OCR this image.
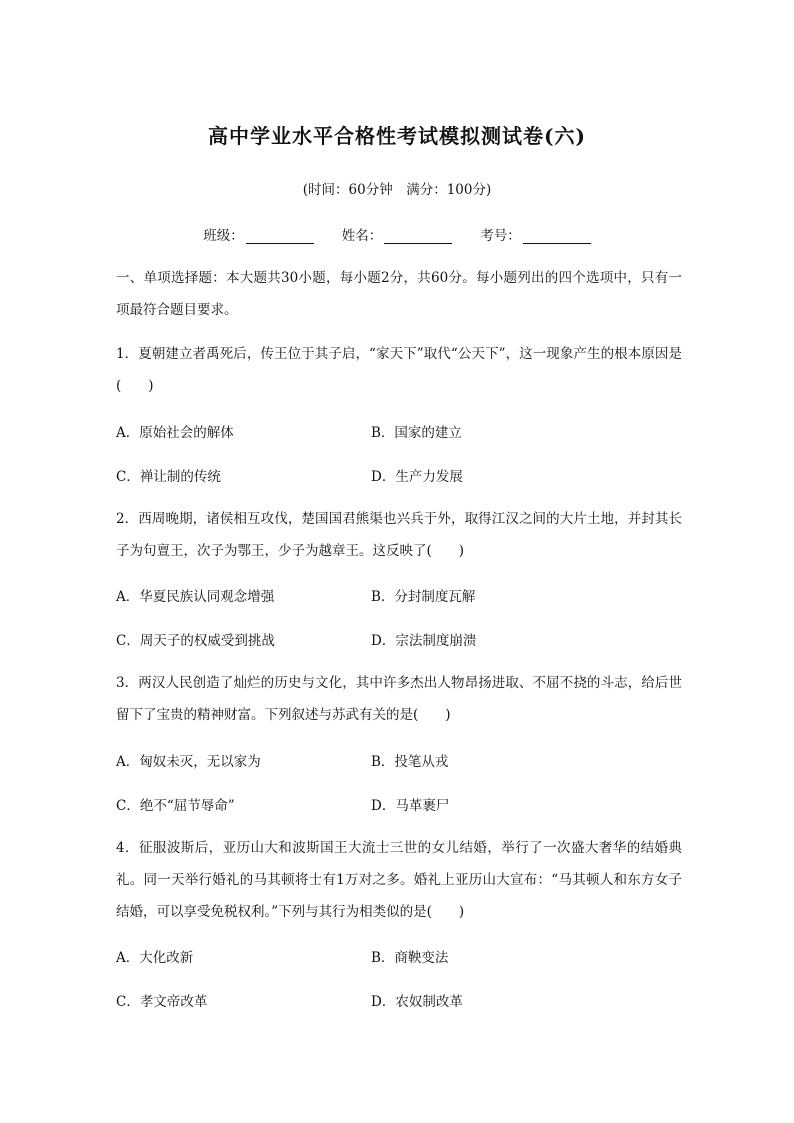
高中学业水平合格性考试模拟测试卷(六)
(时间：60分钟　满分：100分)
班级：	姓名：	考号：
一、单项选择题：本大题共30小题，每小题2分，共60分。每小题列出的四个选项中，只有一项最符合题目要求。
1．夏朝建立者禹死后，传王位于其子启，“家天下”取代“公天下”，这一现象产生的根本原因是(　　)
A．原始社会的解体	B．国家的建立
C．禅让制的传统	D．生产力发展
2．西周晚期，诸侯相互攻伐，楚国国君熊渠也兴兵于外，取得江汉之间的大片土地，并封其长子为句亶王，次子为鄂王，少子为越章王。这反映了(　　)
A．华夏民族认同观念增强	B．分封制度瓦解
C．周天子的权威受到挑战	D．宗法制度崩溃
3．两汉人民创造了灿烂的历史与文化，其中许多杰出人物昂扬进取、不屈不挠的斗志，给后世留下了宝贵的精神财富。下列叙述与苏武有关的是(　　)
A．匈奴未灭，无以家为	B．投笔从戎
C．绝不“屈节辱命”	D．马革裹尸
4．征服波斯后，亚历山大和波斯国王大流士三世的女儿结婚，举行了一次盛大奢华的结婚典礼。同一天举行婚礼的马其顿将士有1万对之多。婚礼上亚历山大宣布：“马其顿人和东方女子结婚，可以享受免税权利。”下列与其行为相类似的是(　　)
A．大化改新	B．商鞅变法
C．孝文帝改革	D．农奴制改革
